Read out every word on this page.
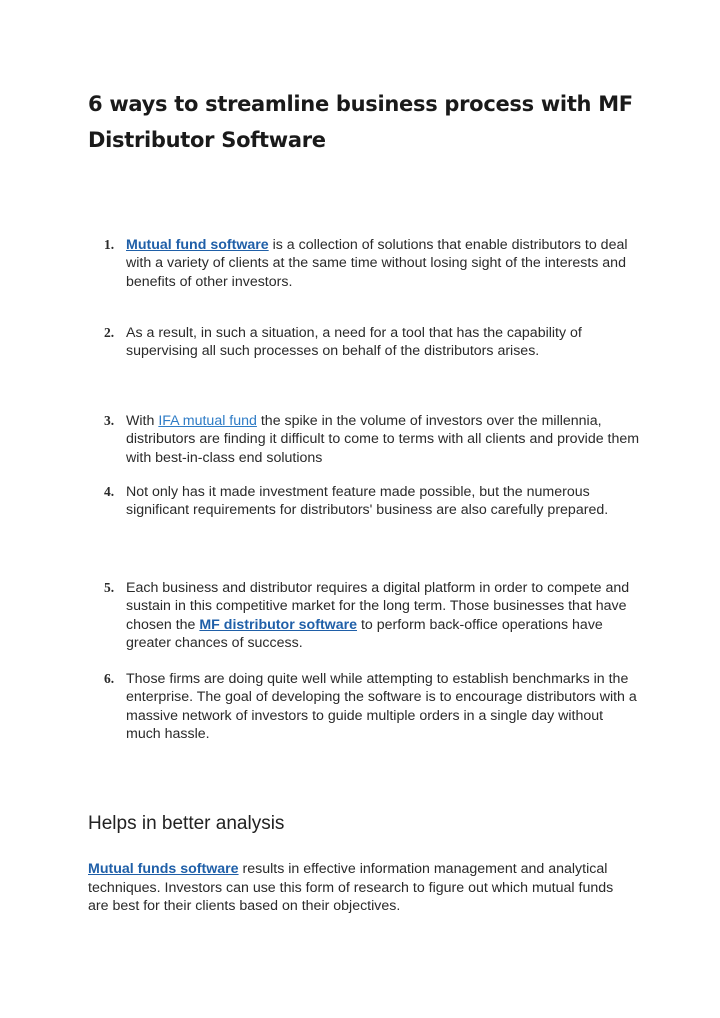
6 ways to streamline business process with MF Distributor Software
1. Mutual fund software is a collection of solutions that enable distributors to deal with a variety of clients at the same time without losing sight of the interests and benefits of other investors.
2. As a result, in such a situation, a need for a tool that has the capability of supervising all such processes on behalf of the distributors arises.
3. With IFA mutual fund the spike in the volume of investors over the millennia, distributors are finding it difficult to come to terms with all clients and provide them with best-in-class end solutions
4. Not only has it made investment feature made possible, but the numerous significant requirements for distributors' business are also carefully prepared.
5. Each business and distributor requires a digital platform in order to compete and sustain in this competitive market for the long term. Those businesses that have chosen the MF distributor software to perform back-office operations have greater chances of success.
6. Those firms are doing quite well while attempting to establish benchmarks in the enterprise. The goal of developing the software is to encourage distributors with a massive network of investors to guide multiple orders in a single day without much hassle.
Helps in better analysis
Mutual funds software results in effective information management and analytical techniques. Investors can use this form of research to figure out which mutual funds are best for their clients based on their objectives.
